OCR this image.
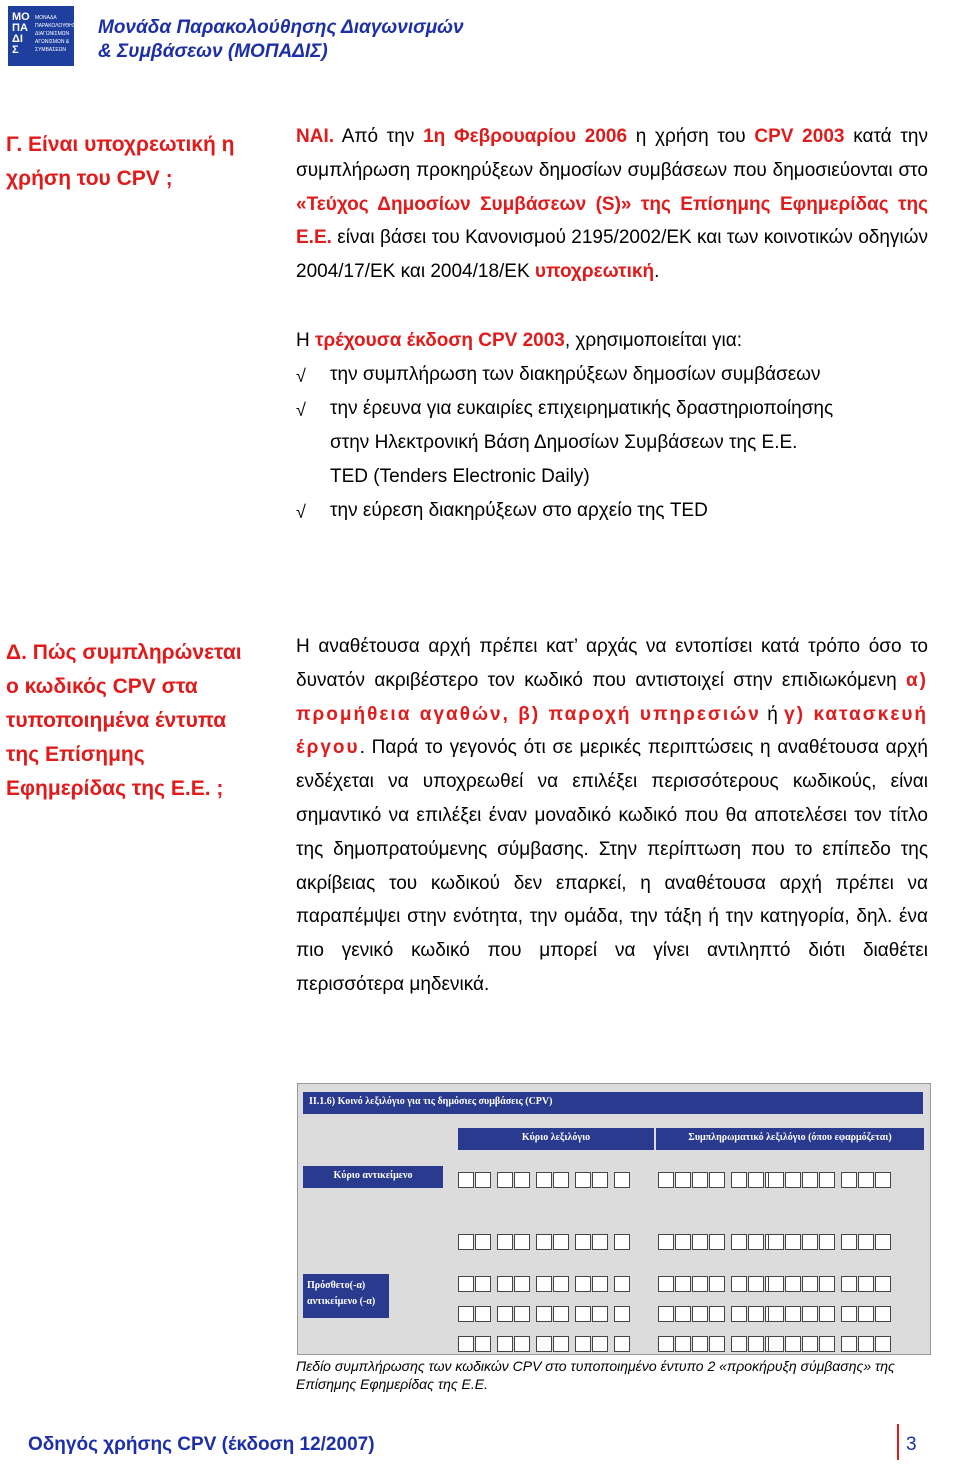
ΜΟ
ΠΑ
ΔΙ
Σ
ΜΟΝΑΔΑ
ΠΑΡΑΚΟΛΟΥΘΗΣΗΣ
ΔΙΑΓΩΝΙΣΜΩΝ
ΑΓΩΝΙΣΜΩΝ &
ΣΥΜΒΑΣΕΩΝ
Μονάδα Παρακολούθησης Διαγωνισμών
& Συμβάσεων (ΜΟΠΑΔΙΣ)
Γ. Είναι υποχρεωτική η χρήση του CPV ;
ΝΑΙ. Από την 1η Φεβρουαρίου 2006 η χρήση του CPV 2003 κατά την συμπλήρωση προκηρύξεων δημοσίων συμβάσεων που δημοσιεύονται στο «Τεύχος Δημοσίων Συμβάσεων (S)» της Επίσημης Εφημερίδας της Ε.Ε. είναι βάσει του Κανονισμού 2195/2002/ΕΚ και των κοινοτικών οδηγιών 2004/17/ΕΚ και 2004/18/ΕΚ υποχρεωτική.
Η τρέχουσα έκδοση CPV 2003, χρησιμοποιείται για:
√ την συμπλήρωση των διακηρύξεων δημοσίων συμβάσεων
√ την έρευνα για ευκαιρίες επιχειρηματικής δραστηριοποίησης
στην Ηλεκτρονική Βάση Δημοσίων Συμβάσεων της Ε.Ε.
TED (Tenders Electronic Daily)
√ την εύρεση διακηρύξεων στο αρχείο της TED
Δ. Πώς συμπληρώνεται ο κωδικός CPV στα τυποποιημένα έντυπα της Επίσημης Εφημερίδας της Ε.Ε. ;
Η αναθέτουσα αρχή πρέπει κατ’ αρχάς να εντοπίσει κατά τρόπο όσο το δυνατόν ακριβέστερο τον κωδικό που αντιστοιχεί στην επιδιωκόμενη α) προμήθεια αγαθών, β) παροχή υπηρεσιών ή γ) κατασκευή έργου. Παρά το γεγονός ότι σε μερικές περιπτώσεις η αναθέτουσα αρχή ενδέχεται να υποχρεωθεί να επιλέξει περισσότερους κωδικούς, είναι σημαντικό να επιλέξει έναν μοναδικό κωδικό που θα αποτελέσει τον τίτλο της δημοπρατούμενης σύμβασης. Στην περίπτωση που το επίπεδο της ακρίβειας του κωδικού δεν επαρκεί, η αναθέτουσα αρχή πρέπει να παραπέμψει στην ενότητα, την ομάδα, την τάξη ή την κατηγορία, δηλ. ένα πιο γενικό κωδικό που μπορεί να γίνει αντιληπτό διότι διαθέτει περισσότερα μηδενικά.
ΙΙ.1.6) Κοινό λεξιλόγιο για τις δημόσιες συμβάσεις (CPV)
Κύριο λεξιλόγιο	Συμπληρωματικό λεξιλόγιο (όπου εφαρμόζεται)
Κύριο αντικείμενο
Πρόσθετο(-α) αντικείμενο (-α)
Πεδίο συμπλήρωσης των κωδικών CPV στο τυποποιημένο έντυπο 2 «προκήρυξη σύμβασης» της Επίσημης Εφημερίδας της Ε.Ε.
Οδηγός χρήσης CPV (έκδοση 12/2007)	3
